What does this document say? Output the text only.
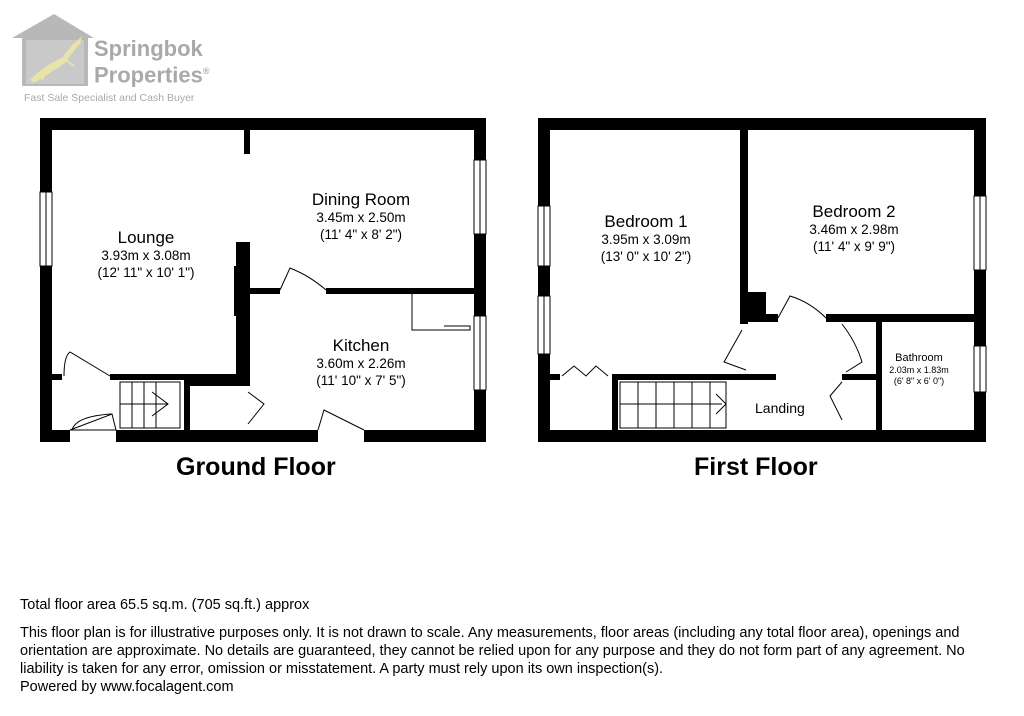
Springbok
Properties®
Fast Sale Specialist and Cash Buyer
Lounge
3.93m x 3.08m
(12' 11" x 10' 1")
Dining Room
3.45m x 2.50m
(11' 4" x 8' 2")
Kitchen
3.60m x 2.26m
(11' 10" x 7' 5")
Bedroom 1
3.95m x 3.09m
(13' 0" x 10' 2")
Bedroom 2
3.46m x 2.98m
(11' 4" x 9' 9")
Bathroom
2.03m x 1.83m
(6' 8" x 6' 0")
Landing
Ground Floor	First Floor

Total floor area 65.5 sq.m. (705 sq.ft.) approx

This floor plan is for illustrative purposes only. It is not drawn to scale. Any measurements, floor areas (including any total floor area), openings and orientation are approximate. No details are guaranteed, they cannot be relied upon for any purpose and they do not form part of any agreement. No liability is taken for any error, omission or misstatement. A party must rely upon its own inspection(s).

Powered by www.focalagent.com
